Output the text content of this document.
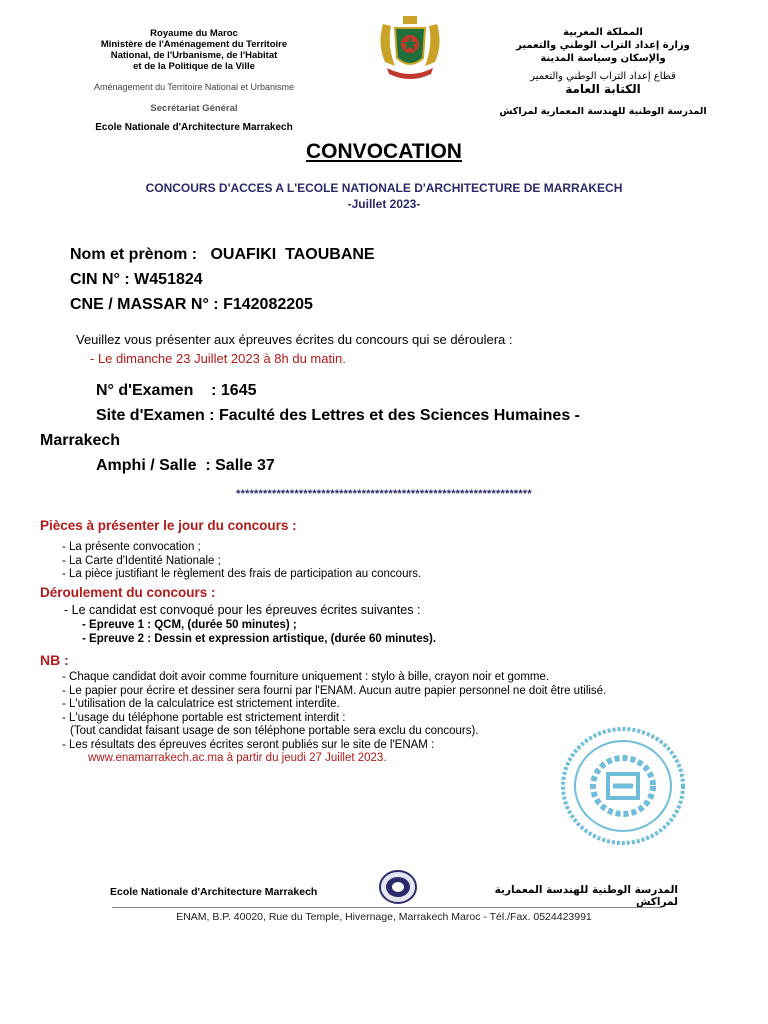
Royaume du Maroc
Ministère de l'Aménagement du Territoire
National, de l'Urbanisme, de l'Habitat
et de la Politique de la Ville
Aménagement du Territoire National et Urbanisme
Secrétariat Général
Ecole Nationale d'Architecture Marrakech
المملكة المغربية
وزارة إعداد التراب الوطني والتعمير
والإسكان وسياسة المدينة
قطاع إعداد التراب الوطني والتعمير
الكتابة العامة
المدرسة الوطنية للهندسة المعمارية لمراكش
CONVOCATION
CONCOURS D'ACCES A L'ECOLE NATIONALE D'ARCHITECTURE DE MARRAKECH
-Juillet 2023-
Nom et prènom :   OUAFIKI  TAOUBANE
CIN N° : W451824
CNE / MASSAR N° : F142082205
Veuillez vous présenter aux épreuves écrites du concours qui se déroulera :
- Le dimanche 23 Juillet 2023 à 8h du matin.
N° d'Examen    : 1645
Site d'Examen : Faculté des Lettres et des Sciences Humaines -
Marrakech
Amphi / Salle  : Salle 37
******************************************************************
Pièces à présenter le jour du concours :
- La présente convocation ;
- La Carte d'Identité Nationale ;
- La pièce justifiant le règlement des frais de participation au concours.
Déroulement du concours :
- Le candidat est convoqué pour les épreuves écrites suivantes :
- Epreuve 1 : QCM, (durée 50 minutes) ;
- Epreuve 2 : Dessin et expression artistique, (durée 60 minutes).
NB :
- Chaque candidat doit avoir comme fourniture uniquement : stylo à bille, crayon noir et gomme.
- Le papier pour écrire et dessiner sera fourni par l'ENAM. Aucun autre papier personnel ne doit être utilisé.
- L'utilisation de la calculatrice est strictement interdite.
- L'usage du téléphone portable est strictement interdit :
(Tout candidat faisant usage de son téléphone portable sera exclu du concours).
- Les résultats des épreuves écrites seront publiés sur le site de l'ENAM :
www.enamarrakech.ac.ma à partir du jeudi 27 Juillet 2023.
Ecole Nationale d'Architecture Marrakech	المدرسة الوطنية للهندسة المعمارية لمراكش
ENAM, B.P. 40020, Rue du Temple, Hivernage, Marrakech Maroc - Tél./Fax. 0524423991
